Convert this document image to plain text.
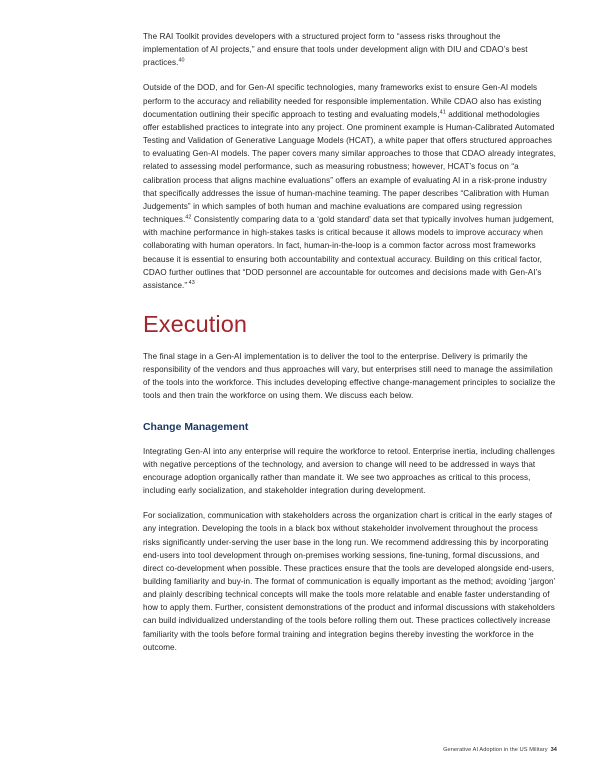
The RAI Toolkit provides developers with a structured project form to “assess risks throughout the implementation of AI projects,” and ensure that tools under development align with DIU and CDAO’s best practices.$^{40}$

Outside of the DOD, and for Gen-AI specific technologies, many frameworks exist to ensure Gen-AI models perform to the accuracy and reliability needed for responsible implementation. While CDAO also has existing documentation outlining their specific approach to testing and evaluating models,$^{41}$ additional methodologies offer established practices to integrate into any project. One prominent example is Human-Calibrated Automated Testing and Validation of Generative Language Models (HCAT), a white paper that offers structured approaches to evaluating Gen-AI models. The paper covers many similar approaches to those that CDAO already integrates, related to assessing model performance, such as measuring robustness; however, HCAT’s focus on “a calibration process that aligns machine evaluations” offers an example of evaluating AI in a risk-prone industry that specifically addresses the issue of human-machine teaming. The paper describes “Calibration with Human Judgements” in which samples of both human and machine evaluations are compared using regression techniques.$^{42}$ Consistently comparing data to a ‘gold standard’ data set that typically involves human judgement, with machine performance in high-stakes tasks is critical because it allows models to improve accuracy when collaborating with human operators. In fact, human-in-the-loop is a common factor across most frameworks because it is essential to ensuring both accountability and contextual accuracy. Building on this critical factor, CDAO further outlines that “DOD personnel are accountable for outcomes and decisions made with Gen-AI’s assistance.” $^{43}$

Execution

The final stage in a Gen-AI implementation is to deliver the tool to the enterprise. Delivery is primarily the responsibility of the vendors and thus approaches will vary, but enterprises still need to manage the assimilation of the tools into the workforce. This includes developing effective change-management principles to socialize the tools and then train the workforce on using them. We discuss each below.

Change Management

Integrating Gen-AI into any enterprise will require the workforce to retool. Enterprise inertia, including challenges with negative perceptions of the technology, and aversion to change will need to be addressed in ways that encourage adoption organically rather than mandate it. We see two approaches as critical to this process, including early socialization, and stakeholder integration during development.

For socialization, communication with stakeholders across the organization chart is critical in the early stages of any integration. Developing the tools in a black box without stakeholder involvement throughout the process risks significantly under-serving the user base in the long run. We recommend addressing this by incorporating end-users into tool development through on-premises working sessions, fine-tuning, formal discussions, and direct co-development when possible. These practices ensure that the tools are developed alongside end-users, building familiarity and buy-in. The format of communication is equally important as the method; avoiding ‘jargon’ and plainly describing technical concepts will make the tools more relatable and enable faster understanding of how to apply them. Further, consistent demonstrations of the product and informal discussions with stakeholders can build individualized understanding of the tools before rolling them out. These practices collectively increase familiarity with the tools before formal training and integration begins thereby investing the workforce in the outcome.

Generative AI Adoption in the US Military 34
